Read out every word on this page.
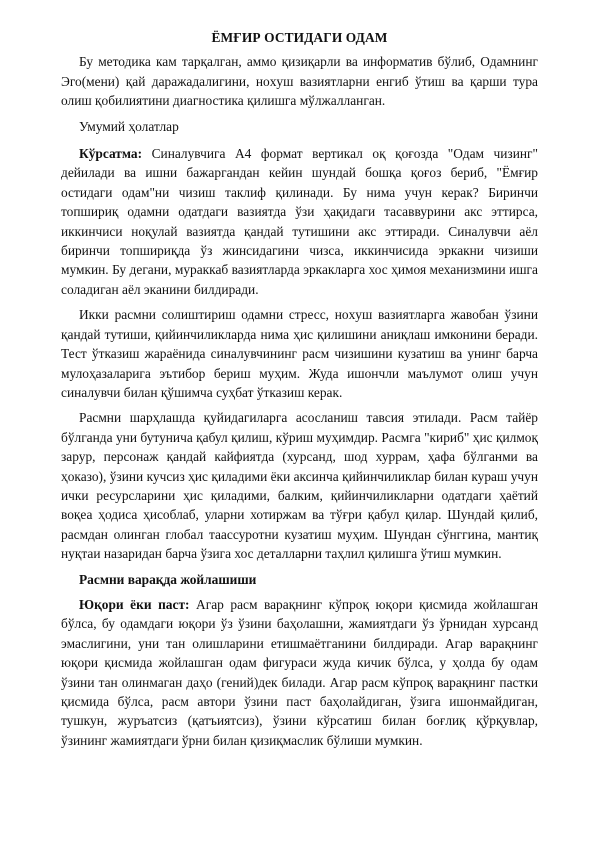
ЁМҒИР ОСТИДАГИ ОДАМ

Бу методика кам тарқалган, аммо қизиқарли ва информатив бўлиб, Одамнинг Эго(мени) қай даражадалигини, ноxуш вазиятларни енгиб ўтиш ва қарши тура олиш қобилиятини диагностика қилишга мўлжалланган.

Умумий ҳолатлар

Кўрсатма: Синалувчига А4 формат вертикал оқ қоғозда "Одам чизинг" дейилади ва ишни бажаргандан кейин шундай бошқа қоғоз бериб, "Ёмғир остидаги одам"ни чизиш таклиф қилинади. Бу нима учун керак? Биринчи топшириқ одамни одатдаги вазиятда ўзи ҳақидаги тасаввурини акс эттирса, иккинчиси ноқулай вазиятда қандай тутишини акс эттиради. Синалувчи аёл биринчи топшириқда ўз жинсидагини чизса, иккинчисида эркакни чизиши мумкин. Бу дегани, мураккаб вазиятларда эркакларга хос ҳимоя механизмини ишга соладиган аёл эканини билдиради.

Икки расмни солиштириш одамни стресс, ноxуш вазиятларга жавобан ўзини қандай тутиши, қийинчиликларда нима ҳис қилишини аниқлаш имконини беради. Тест ўтказиш жараёнида синалувчининг расм чизишини кузатиш ва унинг барча мулоҳазаларига эътибор бериш муҳим. Жуда ишончли маълумот олиш учун синалувчи билан қўшимча суҳбат ўтказиш керак.

Расмни шарҳлашда қуйидагиларга асосланиш тавсия этилади. Расм тайёр бўлганда уни бутунича қабул қилиш, кўриш муҳимдир. Расмга "кириб" ҳис қилмоқ зарур, персонаж қандай кайфиятда (хурсанд, шод хуррам, ҳафа бўлганми ва ҳоказо), ўзини кучсиз ҳис қиладими ёки аксинча қийинчиликлар билан кураш учун ички ресурсларини ҳис қиладими, балким, қийинчиликларни одатдаги ҳаётий воқеа ҳодиса ҳисоблаб, уларни хотиржам ва тўғри қабул қилар. Шундай қилиб, расмдан олинган глобал таассуротни кузатиш муҳим. Шундан сўнггина, мантиқ нуқтаи назаридан барча ўзига хос деталларни таҳлил қилишга ўтиш мумкин.

Расмни варақда жойлашиши

Юқори ёки паст: Агар расм варақнинг кўпроқ юқори қисмида жойлашган бўлса, бу одамдаги юқори ўз ўзини баҳолашни, жамиятдаги ўз ўрнидан хурсанд эмаслигини, уни тан олишларини етишмаётганини билдиради. Агар варақнинг юқори қисмида жойлашган одам фигураси жуда кичик бўлса, у ҳолда бу одам ўзини тан олинмаган даҳо (гений)дек билади. Агар расм кўпроқ варақнинг пастки қисмида бўлса, расм автори ўзини паст баҳолайдиган, ўзига ишонмайдиган, тушкун, журъатсиз (қатъиятсиз), ўзини кўрсатиш билан боғлиқ қўрқувлар, ўзининг жамиятдаги ўрни билан қизиқмаслик бўлиши мумкин.
